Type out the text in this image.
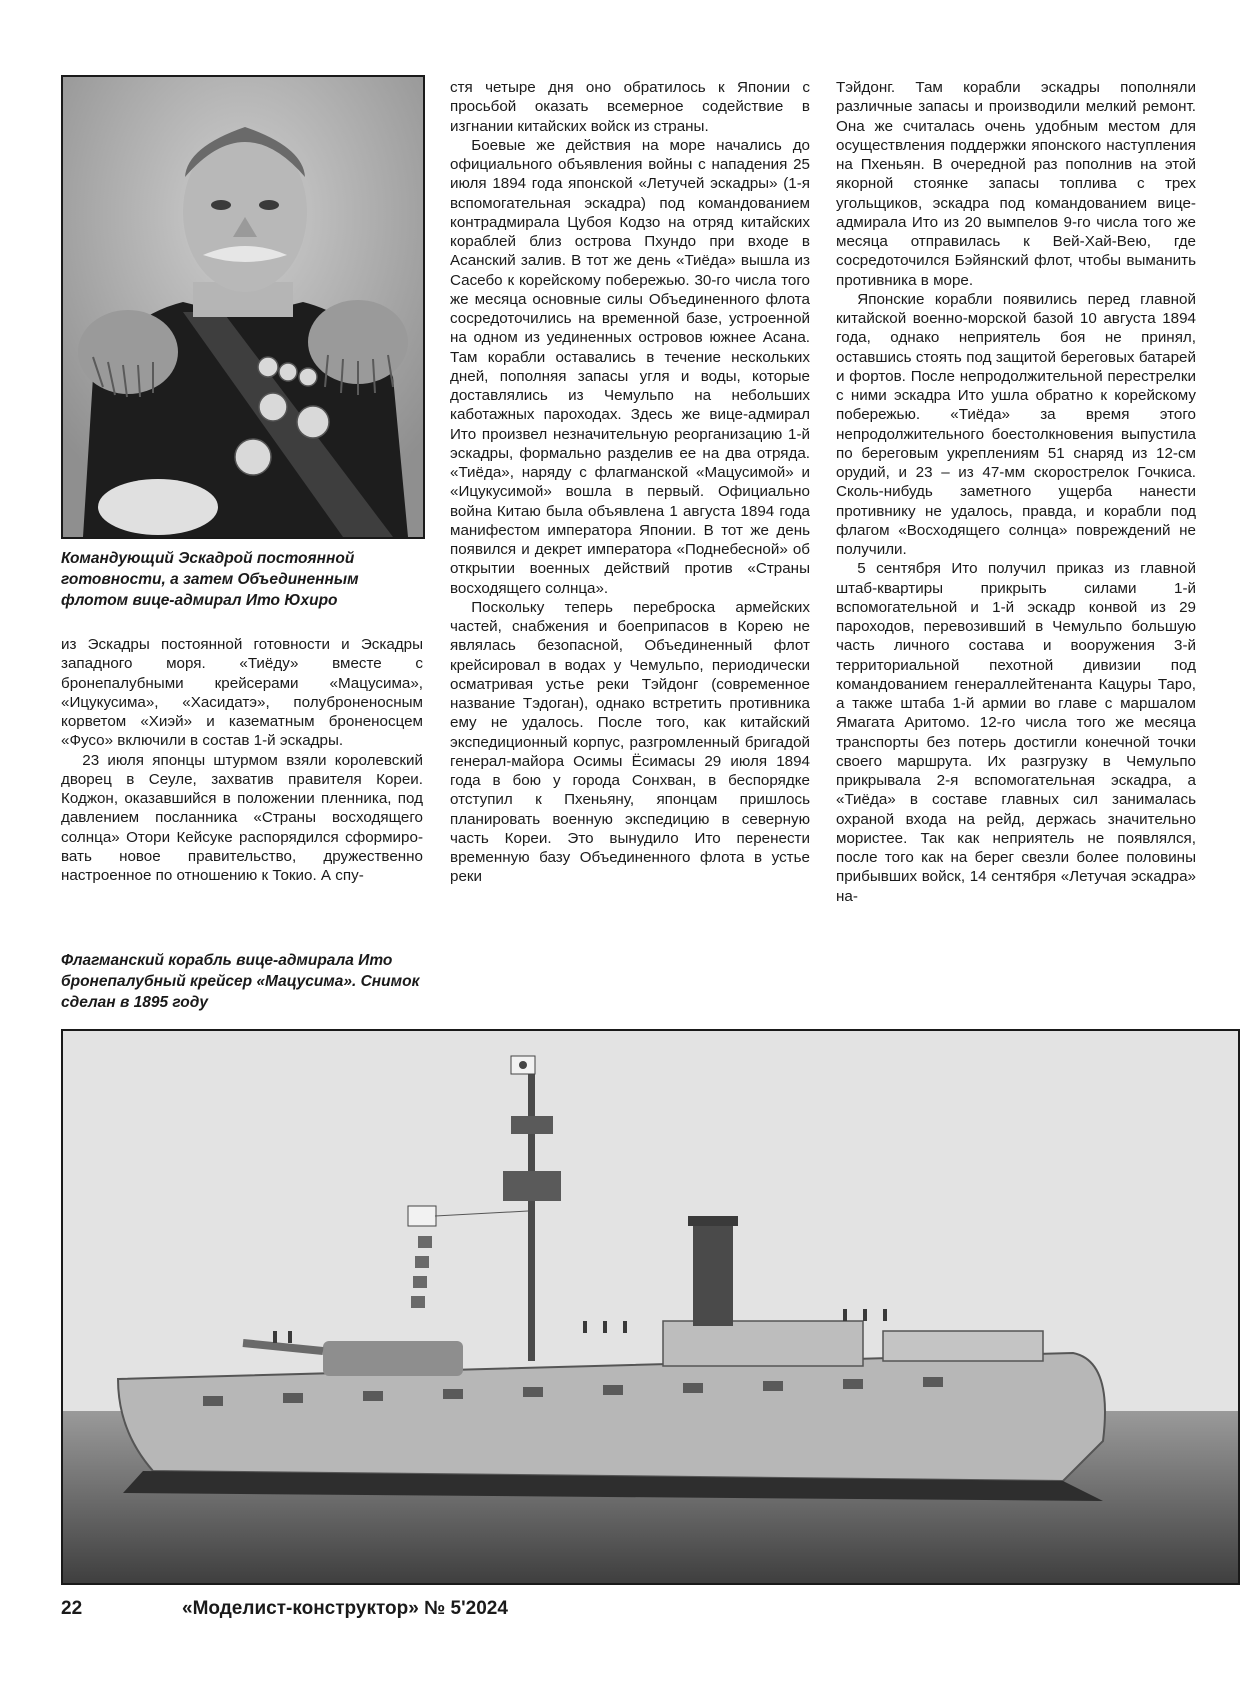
Командующий Эскадрой постоянной готовности, а затем Объединенным флотом вице-адмирал Ито Юхиро

из Эскадры постоянной готовности и Эскадры западного моря. «Тиёду» вместе с бронепалубными крейсерами «Мацусима», «Ицукусима», «Хасидатэ», полуброненосным корветом «Хиэй» и казематным броненосцем «Фусо» включили в состав 1-й эскадры.

23 июля японцы штурмом взяли королевский дворец в Сеуле, захватив правителя Кореи. Коджон, оказавшийся в положении пленника, под давлением посланника «Страны восходящего солнца» Отори Кейсуке распорядился сформировать новое правительство, дружественно настроенное по отношению к Токио. А спу-

Флагманский корабль вице-адмирала Ито бронепалубный крейсер «Мацусима». Снимок сделан в 1895 году

стя четыре дня оно обратилось к Японии с просьбой оказать всемерное содействие в изгнании китайских войск из страны.

Боевые же действия на море начались до официального объявления войны с нападения 25 июля 1894 года японской «Летучей эскадры» (1-я вспомогательная эскадра) под командованием контрадмирала Цубоя Кодзо на отряд китайских кораблей близ острова Пхундо при входе в Асанский залив. В тот же день «Тиёда» вышла из Сасебо к корейскому побережью. 30-го числа того же месяца основные силы Объединенного флота сосредоточились на временной базе, устроенной на одном из уединенных островов южнее Асана. Там корабли оставались в течение нескольких дней, пополняя запасы угля и воды, которые доставлялись из Чемульпо на небольших каботажных пароходах. Здесь же вице-адмирал Ито произвел незначительную реорганизацию 1-й эскадры, формально разделив ее на два отряда. «Тиёда», наряду с флагманской «Мацусимой» и «Ицукусимой» вошла в первый. Официально война Китаю была объявлена 1 августа 1894 года манифестом императора Японии. В тот же день появился и декрет императора «Поднебесной» об открытии военных действий против «Страны восходящего солнца».

Поскольку теперь переброска армейских частей, снабжения и боеприпасов в Корею не являлась безопасной, Объединенный флот крейсировал в водах у Чемульпо, периодически осматривая устье реки Тэйдонг (современное название Тэдоган), однако встретить противника ему не удалось. После того, как китайский экспедиционный корпус, разгромленный бригадой генерал-майора Осимы Ёсимасы 29 июля 1894 года в бою у города Сонхван, в беспорядке отступил к Пхеньяну, японцам пришлось планировать военную экспедицию в северную часть Кореи. Это вынудило Ито перенести временную базу Объединенного флота в устье реки

Тэйдонг. Там корабли эскадры пополняли различные запасы и производили мелкий ремонт. Она же считалась очень удобным местом для осуществления поддержки японского наступления на Пхеньян. В очередной раз пополнив на этой якорной стоянке запасы топлива с трех угольщиков, эскадра под командованием вице-адмирала Ито из 20 вымпелов 9-го числа того же месяца отправилась к Вей-Хай-Вею, где сосредоточился Бэйянский флот, чтобы выманить противника в море.

Японские корабли появились перед главной китайской военно-морской базой 10 августа 1894 года, однако неприятель боя не принял, оставшись стоять под защитой береговых батарей и фортов. После непродолжительной перестрелки с ними эскадра Ито ушла обратно к корейскому побережью. «Тиёда» за время этого непродолжительного боестолкновения выпустила по береговым укреплениям 51 снаряд из 12-см орудий, и 23 – из 47-мм скорострелок Гочкиса. Сколь-нибудь заметного ущерба нанести противнику не удалось, правда, и корабли под флагом «Восходящего солнца» повреждений не получили.

5 сентября Ито получил приказ из главной штаб-квартиры прикрыть силами 1-й вспомогательной и 1-й эскадр конвой из 29 пароходов, перевозивший в Чемульпо большую часть личного состава и вооружения 3-й территориальной пехотной дивизии под командованием генераллейтенанта Кацуры Таро, а также штаба 1-й армии во главе с маршалом Ямагата Аритомо. 12-го числа того же месяца транспорты без потерь достигли конечной точки своего маршрута. Их разгрузку в Чемульпо прикрывала 2-я вспомогательная эскадра, а «Тиёда» в составе главных сил занималась охраной входа на рейд, держась значительно мористее. Так как неприятель не появлялся, после того как на берег свезли более половины прибывших войск, 14 сентября «Летучая эскадра» на-

22	«Моделист-конструктор» № 5'2024
